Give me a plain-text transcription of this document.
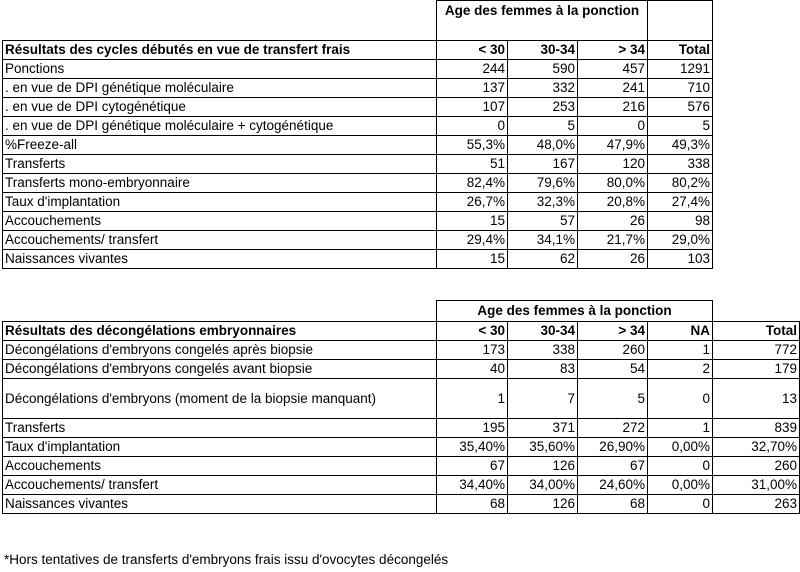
	Age des femmes à la ponction			
Résultats des cycles débutés en vue de transfert frais	< 30	30-34	> 34	Total
Ponctions	244	590	457	1291
. en vue de DPI génétique moléculaire	137	332	241	710
. en vue de DPI cytogénétique	107	253	216	576
. en vue de DPI génétique moléculaire + cytogénétique	0	5	0	5
%Freeze-all	55,3%	48,0%	47,9%	49,3%
Transferts	51	167	120	338
Transferts mono-embryonnaire	82,4%	79,6%	80,0%	80,2%
Taux d'implantation	26,7%	32,3%	20,8%	27,4%
Accouchements	15	57	26	98
Accouchements/ transfert	29,4%	34,1%	21,7%	29,0%
Naissances vivantes	15	62	26	103
	Age des femmes à la ponction				
Résultats des décongélations embryonnaires	< 30	30-34	> 34	NA	Total
Décongélations d'embryons congelés après biopsie	173	338	260	1	772
Décongélations d'embryons congelés avant biopsie	40	83	54	2	179
Décongélations d'embryons (moment de la biopsie manquant)	1	7	5	0	13
Transferts	195	371	272	1	839
Taux d'implantation	35,40%	35,60%	26,90%	0,00%	32,70%
Accouchements	67	126	67	0	260
Accouchements/ transfert	34,40%	34,00%	24,60%	0,00%	31,00%
Naissances vivantes	68	126	68	0	263
*Hors tentatives de transferts d'embryons frais issu d'ovocytes décongelés
